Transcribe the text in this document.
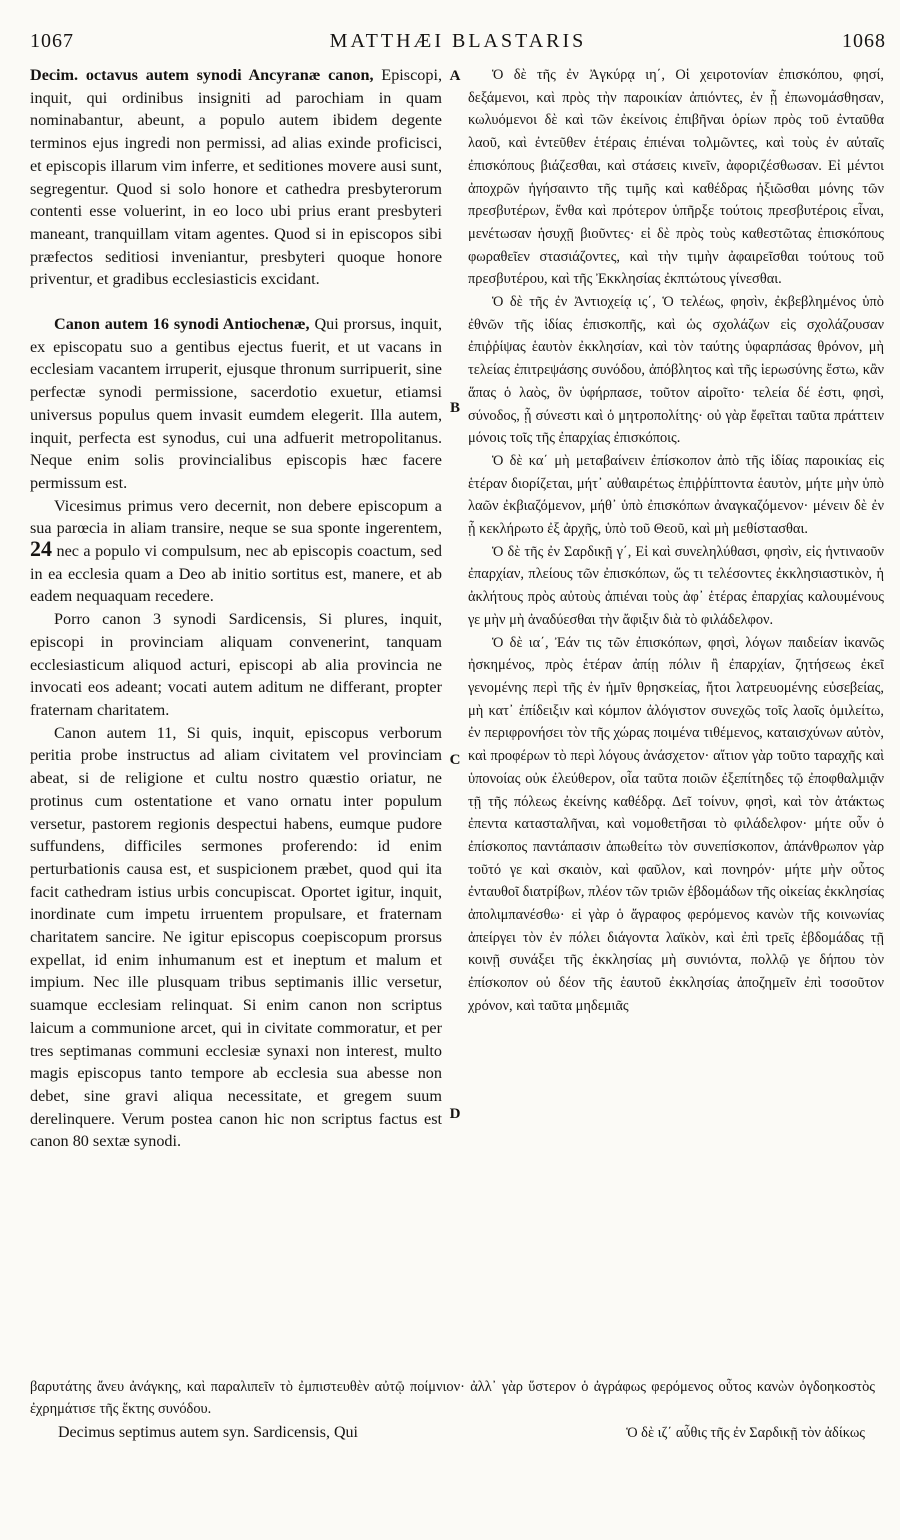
1067	MATTHÆI BLASTARIS	1068
A
B
C
D

Decim. octavus autem synodi Ancyranæ canon, Episcopi, inquit, qui ordinibus insigniti ad parochiam in quam nominabantur, abeunt, a populo autem ibidem degente terminos ejus ingredi non permissi, ad alias exinde proficisci, et episcopis illarum vim inferre, et seditiones movere ausi sunt, segregentur. Quod si solo honore et cathedra presbyterorum contenti esse voluerint, in eo loco ubi prius erant presbyteri maneant, tranquillam vitam agentes. Quod si in episcopos sibi præfectos seditiosi inveniantur, presbyteri quoque honore priventur, et gradibus ecclesiasticis excidant.

Canon autem 16 synodi Antiochenæ, Qui prorsus, inquit, ex episcopatu suo a gentibus ejectus fuerit, et ut vacans in ecclesiam vacantem irruperit, ejusque thronum surripuerit, sine perfectæ synodi permissione, sacerdotio exuetur, etiamsi universus populus quem invasit eumdem elegerit. Illa autem, inquit, perfecta est synodus, cui una adfuerit metropolitanus. Neque enim solis provincialibus episcopis hæc facere permissum est.

Vicesimus primus vero decernit, non debere episcopum a sua parœcia in aliam transire, neque se sua sponte ingerentem, 24 nec a populo vi compulsum, nec ab episcopis coactum, sed in ea ecclesia quam a Deo ab initio sortitus est, manere, et ab eadem nequaquam recedere.

Porro canon 3 synodi Sardicensis, Si plures, inquit, episcopi in provinciam aliquam convenerint, tanquam ecclesiasticum aliquod acturi, episcopi ab alia provincia ne invocati eos adeant; vocati autem aditum ne differant, propter fraternam charitatem.

Canon autem 11, Si quis, inquit, episcopus verborum peritia probe instructus ad aliam civitatem vel provinciam abeat, si de religione et cultu nostro quæstio oriatur, ne protinus cum ostentatione et vano ornatu inter populum versetur, pastorem regionis despectui habens, eumque pudore suffundens, difficiles sermones proferendo: id enim perturbationis causa est, et suspicionem præbet, quod qui ita facit cathedram istius urbis concupiscat. Oportet igitur, inquit, inordinate cum impetu irruentem propulsare, et fraternam charitatem sancire. Ne igitur episcopus coepiscopum prorsus expellat, id enim inhumanum est et ineptum et malum et impium. Nec ille plusquam tribus septimanis illic versetur, suamque ecclesiam relinquat. Si enim canon non scriptus laicum a communione arcet, qui in civitate commoratur, et per tres septimanas communi ecclesiæ synaxi non interest, multo magis episcopus tanto tempore ab ecclesia sua abesse non debet, sine gravi aliqua necessitate, et gregem suum derelinquere. Verum postea canon hic non scriptus factus est canon 80 sextæ synodi.

Ὁ δὲ τῆς ἐν Ἀγκύρᾳ ιη΄, Οἱ χειροτονίαν ἐπισκόπου, φησί, δεξάμενοι, καὶ πρὸς τὴν παροικίαν ἀπιόντες, ἐν ᾗ ἐπωνομάσθησαν, κωλυόμενοι δὲ καὶ τῶν ἐκείνοις ἐπιβῆναι ὁρίων πρὸς τοῦ ἐνταῦθα λαοῦ, καὶ ἐντεῦθεν ἑτέραις ἐπιέναι τολμῶντες, καὶ τοὺς ἐν αὐταῖς ἐπισκόπους βιάζεσθαι, καὶ στάσεις κινεῖν, ἀφοριζέσθωσαν. Εἰ μέντοι ἀποχρῶν ἡγήσαιντο τῆς τιμῆς καὶ καθέδρας ἠξιῶσθαι μόνης τῶν πρεσβυτέρων, ἔνθα καὶ πρότερον ὑπῆρξε τούτοις πρεσβυτέροις εἶναι, μενέτωσαν ἡσυχῇ βιοῦντες· εἰ δὲ πρὸς τοὺς καθεστῶτας ἐπισκόπους φωραθεῖεν στασιάζοντες, καὶ τὴν τιμὴν ἀφαιρεῖσθαι τούτους τοῦ πρεσβυτέρου, καὶ τῆς Ἐκκλησίας ἐκπτώτους γίνεσθαι.

Ὁ δὲ τῆς ἐν Ἀντιοχείᾳ ις΄, Ὁ τελέως, φησὶν, ἐκβεβλημένος ὑπὸ ἐθνῶν τῆς ἰδίας ἐπισκοπῆς, καὶ ὡς σχολάζων εἰς σχολάζουσαν ἐπιῤῥίψας ἑαυτὸν ἐκκλησίαν, καὶ τὸν ταύτης ὑφαρπάσας θρόνον, μὴ τελείας ἐπιτρεψάσης συνόδου, ἀπόβλητος καὶ τῆς ἱερωσύνης ἔστω, κἂν ἅπας ὁ λαὸς, ὃν ὑφήρπασε, τοῦτον αἱροῖτο· τελεία δέ ἐστι, φησὶ, σύνοδος, ᾗ σύνεστι καὶ ὁ μητροπολίτης· οὐ γὰρ ἔφεῖται ταῦτα πράττειν μόνοις τοῖς τῆς ἐπαρχίας ἐπισκόποις.

Ὁ δὲ κα΄ μὴ μεταβαίνειν ἐπίσκοπον ἀπὸ τῆς ἰδίας παροικίας εἰς ἑτέραν διορίζεται, μήτ᾽ αὐθαιρέτως ἐπιῤῥίπτοντα ἑαυτὸν, μήτε μὴν ὑπὸ λαῶν ἐκβιαζόμενον, μήθ᾽ ὑπὸ ἐπισκόπων ἀναγκαζόμενον· μένειν δὲ ἐν ᾗ κεκλήρωτο ἐξ ἀρχῆς, ὑπὸ τοῦ Θεοῦ, καὶ μὴ μεθίστασθαι.

Ὁ δὲ τῆς ἐν Σαρδικῇ γ΄, Εἰ καὶ συνεληλύθασι, φησὶν, εἰς ἡντιναοῦν ἐπαρχίαν, πλείους τῶν ἐπισκόπων, ὥς τι τελέσοντες ἐκκλησιαστικὸν, ἡ ἀκλήτους πρὸς αὐτοὺς ἀπιέναι τοὺς ἀφ᾽ ἑτέρας ἐπαρχίας καλουμένους γε μὴν μὴ ἀναδύεσθαι τὴν ἄφιξιν διὰ τὸ φιλάδελφον.

Ὁ δὲ ια΄, Ἐάν τις τῶν ἐπισκόπων, φησὶ, λόγων παιδείαν ἱκανῶς ἠσκημένος, πρὸς ἑτέραν ἀπίῃ πόλιν ἢ ἐπαρχίαν, ζητήσεως ἐκεῖ γενομένης περὶ τῆς ἐν ἡμῖν θρησκείας, ἤτοι λατρευομένης εὐσεβείας, μὴ κατ᾽ ἐπίδειξιν καὶ κόμπον ἀλόγιστον συνεχῶς τοῖς λαοῖς ὁμιλείτω, ἐν περιφρονήσει τὸν τῆς χώρας ποιμένα τιθέμενος, καταισχύνων αὐτὸν, καὶ προφέρων τὸ περὶ λόγους ἀνάσχετον· αἴτιον γὰρ τοῦτο ταραχῆς καὶ ὑπονοίας οὐκ ἐλεύθερον, οἷα ταῦτα ποιῶν ἐξεπίτηδες τῷ ἐποφθαλμιᾷν τῇ τῆς πόλεως ἐκείνης καθέδρᾳ. Δεῖ τοίνυν, φησὶ, καὶ τὸν ἀτάκτως ἐπεντα κατασταλῆναι, καὶ νομοθετῆσαι τὸ φιλάδελφον· μήτε οὖν ὁ ἐπίσκοπος παντάπασιν ἀπωθείτω τὸν συνεπίσκοπον, ἀπάνθρωπον γὰρ τοῦτό γε καὶ σκαιὸν, καὶ φαῦλον, καὶ πονηρόν· μήτε μὴν οὗτος ἐνταυθοῖ διατρίβων, πλέον τῶν τριῶν ἑβδομάδων τῆς οἰκείας ἐκκλησίας ἀπολιμπανέσθω· εἰ γὰρ ὁ ἄγραφος φερόμενος κανὼν τῆς κοινωνίας ἀπείργει τὸν ἐν πόλει διάγοντα λαϊκὸν, καὶ ἐπὶ τρεῖς ἑβδομάδας τῇ κοινῇ συνάξει τῆς ἐκκλησίας μὴ συνιόντα, πολλῷ γε δήπου τὸν ἐπίσκοπον οὐ δέον τῆς ἑαυτοῦ ἐκκλησίας ἀποζημεῖν ἐπὶ τοσοῦτον χρόνον, καὶ ταῦτα μηδεμιᾶς

βαρυτάτης ἄνευ ἀνάγκης, καὶ παραλιπεῖν τὸ ἐμπιστευθὲν αὐτῷ ποίμνιον· ἀλλ᾽ γὰρ ὕστερον ὁ ἀγράφως φερόμενος οὗτος κανὼν ὀγδοηκοστὸς ἐχρημάτισε τῆς ἕκτης συνόδου.
Decimus septimus autem syn. Sardicensis, Qui	Ὁ δὲ ιζ΄ αὖθις τῆς ἐν Σαρδικῇ τὸν ἀδίκως
